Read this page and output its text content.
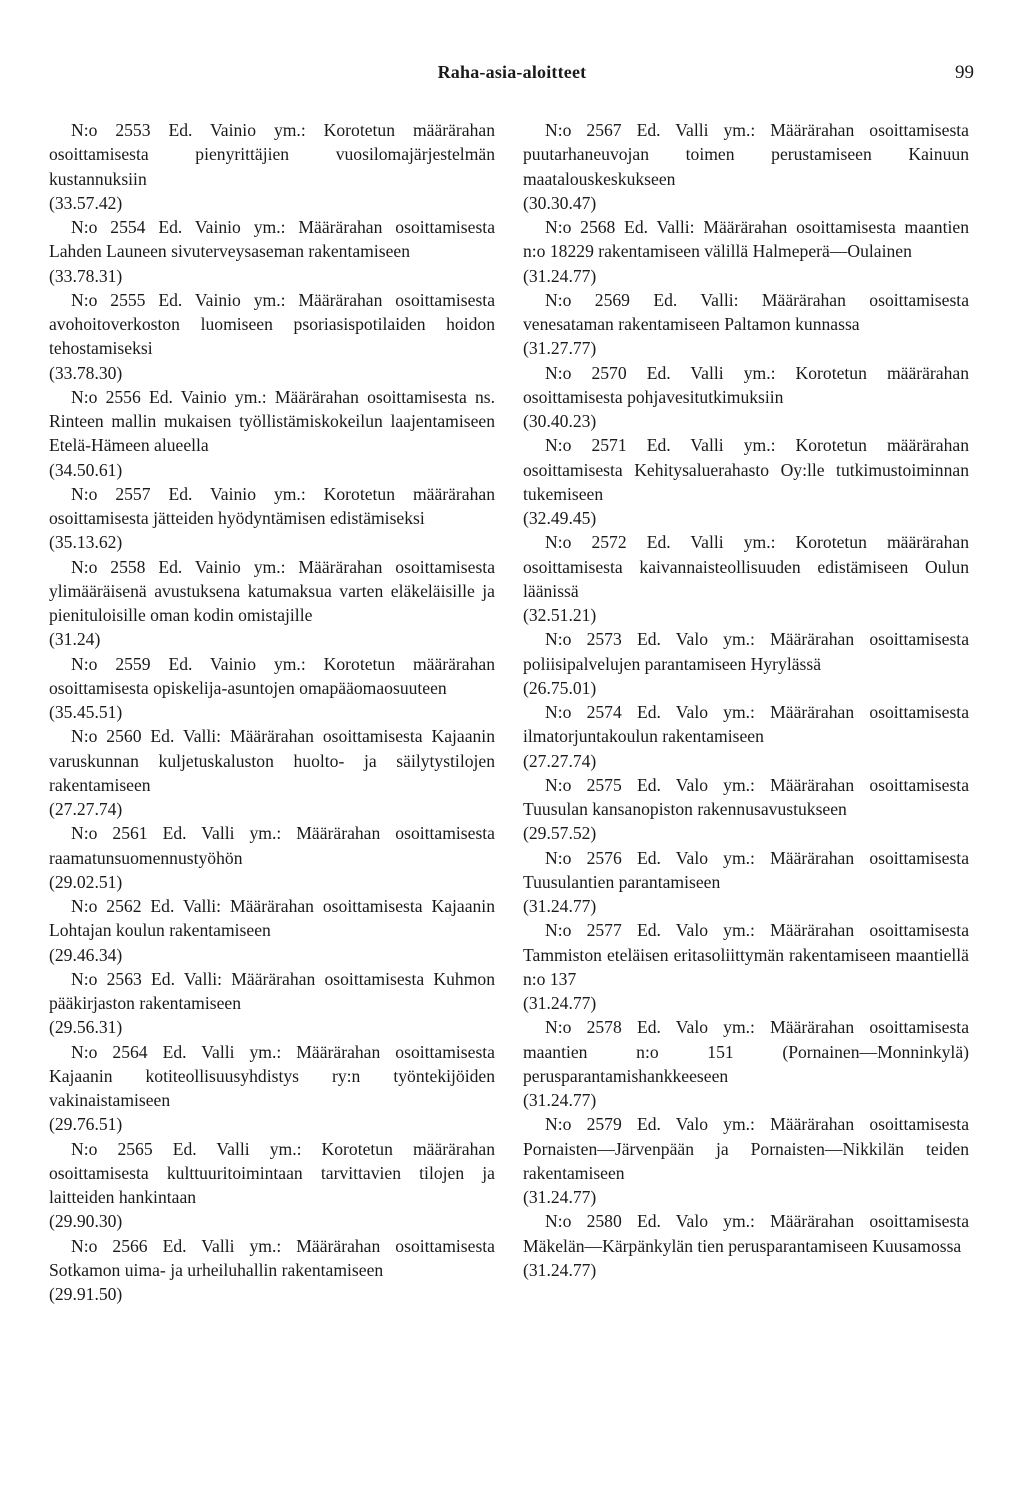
Raha-asia-aloitteet	99
N:o 2553 Ed. Vainio ym.: Korotetun määrärahan osoittamisesta pienyrittäjien vuosilomajärjestelmän kustannuksiin
(33.57.42)
N:o 2554 Ed. Vainio ym.: Määrärahan osoittamisesta Lahden Launeen sivuterveysaseman rakentamiseen
(33.78.31)
N:o 2555 Ed. Vainio ym.: Määrärahan osoittamisesta avohoitoverkoston luomiseen psoriasispotilaiden hoidon tehostamiseksi
(33.78.30)
N:o 2556 Ed. Vainio ym.: Määrärahan osoittamisesta ns. Rinteen mallin mukaisen työllistämiskokeilun laajentamiseen Etelä-Hämeen alueella
(34.50.61)
N:o 2557 Ed. Vainio ym.: Korotetun määrärahan osoittamisesta jätteiden hyödyntämisen edistämiseksi
(35.13.62)
N:o 2558 Ed. Vainio ym.: Määrärahan osoittamisesta ylimääräisenä avustuksena katumaksua varten eläkeläisille ja pienituloisille oman kodin omistajille
(31.24)
N:o 2559 Ed. Vainio ym.: Korotetun määrärahan osoittamisesta opiskelija-asuntojen omapääomaosuuteen
(35.45.51)
N:o 2560 Ed. Valli: Määrärahan osoittamisesta Kajaanin varuskunnan kuljetuskaluston huolto- ja säilytystilojen rakentamiseen
(27.27.74)
N:o 2561 Ed. Valli ym.: Määrärahan osoittamisesta raamatunsuomennustyöhön
(29.02.51)
N:o 2562 Ed. Valli: Määrärahan osoittamisesta Kajaanin Lohtajan koulun rakentamiseen
(29.46.34)
N:o 2563 Ed. Valli: Määrärahan osoittamisesta Kuhmon pääkirjaston rakentamiseen
(29.56.31)
N:o 2564 Ed. Valli ym.: Määrärahan osoittamisesta Kajaanin kotiteollisuusyhdistys ry:n työntekijöiden vakinaistamiseen
(29.76.51)
N:o 2565 Ed. Valli ym.: Korotetun määrärahan osoittamisesta kulttuuritoimintaan tarvittavien tilojen ja laitteiden hankintaan
(29.90.30)
N:o 2566 Ed. Valli ym.: Määrärahan osoittamisesta Sotkamon uima- ja urheiluhallin rakentamiseen
(29.91.50)
N:o 2567 Ed. Valli ym.: Määrärahan osoittamisesta puutarhaneuvojan toimen perustamiseen Kainuun maatalouskeskukseen
(30.30.47)
N:o 2568 Ed. Valli: Määrärahan osoittamisesta maantien n:o 18229 rakentamiseen välillä Halmeperä—Oulainen
(31.24.77)
N:o 2569 Ed. Valli: Määrärahan osoittamisesta venesataman rakentamiseen Paltamon kunnassa
(31.27.77)
N:o 2570 Ed. Valli ym.: Korotetun määrärahan osoittamisesta pohjavesitutkimuksiin
(30.40.23)
N:o 2571 Ed. Valli ym.: Korotetun määrärahan osoittamisesta Kehitysaluerahasto Oy:lle tutkimustoiminnan tukemiseen
(32.49.45)
N:o 2572 Ed. Valli ym.: Korotetun määrärahan osoittamisesta kaivannaisteollisuuden edistämiseen Oulun läänissä
(32.51.21)
N:o 2573 Ed. Valo ym.: Määrärahan osoittamisesta poliisipalvelujen parantamiseen Hyrylässä
(26.75.01)
N:o 2574 Ed. Valo ym.: Määrärahan osoittamisesta ilmatorjuntakoulun rakentamiseen
(27.27.74)
N:o 2575 Ed. Valo ym.: Määrärahan osoittamisesta Tuusulan kansanopiston rakennusavustukseen
(29.57.52)
N:o 2576 Ed. Valo ym.: Määrärahan osoittamisesta Tuusulantien parantamiseen
(31.24.77)
N:o 2577 Ed. Valo ym.: Määrärahan osoittamisesta Tammiston eteläisen eritasoliittymän rakentamiseen maantiellä n:o 137
(31.24.77)
N:o 2578 Ed. Valo ym.: Määrärahan osoittamisesta maantien n:o 151 (Pornainen—Monninkylä) perusparantamishankkeeseen
(31.24.77)
N:o 2579 Ed. Valo ym.: Määrärahan osoittamisesta Pornaisten—Järvenpään ja Pornaisten—Nikkilän teiden rakentamiseen
(31.24.77)
N:o 2580 Ed. Valo ym.: Määrärahan osoittamisesta Mäkelän—Kärpänkylän tien perusparantamiseen Kuusamossa
(31.24.77)
